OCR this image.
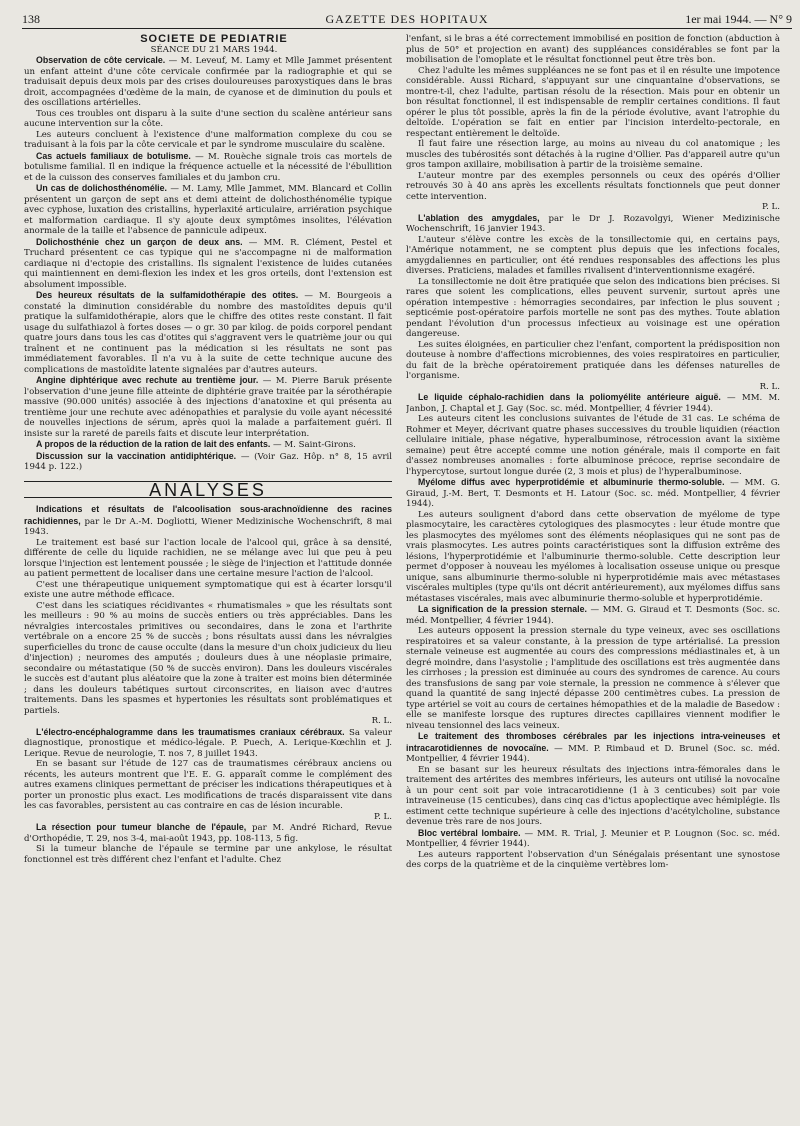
138	GAZETTE DES HOPITAUX	1er mai 1944. — N° 9

SOCIETE DE PEDIATRIE

SÉANCE DU 21 MARS 1944.

Observation de côte cervicale. — M. Leveuf, M. Lamy et Mlle Jammet présentent un enfant atteint d'une côte cervicale confirmée par la radiographie et qui se traduisait depuis deux mois par des crises douloureuses paroxystiques dans le bras droit, accompagnées d'œdème de la main, de cyanose et de diminution du pouls et des oscillations artérielles.

Tous ces troubles ont disparu à la suite d'une section du scalène antérieur sans aucune intervention sur la côte.

Les auteurs concluent à l'existence d'une malformation complexe du cou se traduisant à la fois par la côte cervicale et par le syndrome musculaire du scalène.

Cas actuels familiaux de botulisme. — M. Rouèche signale trois cas mortels de botulisme familial. Il en indique la fréquence actuelle et la nécessité de l'ébullition et de la cuisson des conserves familiales et du jambon cru.

Un cas de dolichosthénomélie. — M. Lamy, Mlle Jammet, MM. Blancard et Collin présentent un garçon de sept ans et demi atteint de dolichosthénomélie typique avec cyphose, luxation des cristallins, hyperlaxité articulaire, arriération psychique et malformation cardiaque. Il s'y ajoute deux symptômes insolites, l'élévation anormale de la taille et l'absence de pannicule adipeux.

Dolichosthénie chez un garçon de deux ans. — MM. R. Clément, Pestel et Truchard présentent ce cas typique qui ne s'accompagne ni de malformation cardiaque ni d'ectopie des cristallins. Ils signalent l'existence de luides cutanées qui maintiennent en demi-flexion les index et les gros orteils, dont l'extension est absolument impossible.

Des heureux résultats de la sulfamidothérapie des otites. — M. Bourgeois a constaté la diminution considérable du nombre des mastoïdites depuis qu'il pratique la sulfamidothérapie, alors que le chiffre des otites reste constant. Il fait usage du sulfathiazol à fortes doses — o gr. 30 par kilog. de poids corporel pendant quatre jours dans tous les cas d'otites qui s'aggravent vers le quatrième jour ou qui traînent et ne continuent pas la médication si les résultats ne sont pas immédiatement favorables. Il n'a vu à la suite de cette technique aucune des complications de mastoïdite latente signalées par d'autres auteurs.

Angine diphtérique avec rechute au trentième jour. — M. Pierre Baruk présente l'observation d'une jeune fille atteinte de diphtérie grave traitée par la sérothérapie massive (90.000 unités) associée à des injections d'anatoxine et qui présenta au trentième jour une rechute avec adénopathies et paralysie du voile ayant nécessité de nouvelles injections de sérum, après quoi la malade a parfaitement guéri. Il insiste sur la rareté de pareils faits et discute leur interprétation.

A propos de la réduction de la ration de lait des enfants. — M. Saint-Girons.

Discussion sur la vaccination antidiphtérique. — (Voir Gaz. Hôp. n° 8, 15 avril 1944 p. 122.)

ANALYSES

Indications et résultats de l'alcoolisation sous-arachnoïdienne des racines rachidiennes, par le Dr A.-M. Dogliotti, Wiener Medizinische Wochenschrift, 8 mai 1943.

Le traitement est basé sur l'action locale de l'alcool qui, grâce à sa densité, différente de celle du liquide rachidien, ne se mélange avec lui que peu à peu lorsque l'injection est lentement poussée ; le siège de l'injection et l'attitude donnée au patient permettent de localiser dans une certaine mesure l'action de l'alcool.

C'est une thérapeutique uniquement symptomatique qui est à écarter lorsqu'il existe une autre méthode efficace.

C'est dans les sciatiques récidivantes « rhumatismales » que les résultats sont les meilleurs : 90 % au moins de succès entiers ou très appréciables. Dans les névralgies intercostales primitives ou secondaires, dans le zona et l'arthrite vertébrale on a encore 25 % de succès ; bons résultats aussi dans les névralgies superficielles du tronc de cause occulte (dans la mesure d'un choix judicieux du lieu d'injection) ; neuromes des amputés ; douleurs dues à une néoplasie primaire, secondaire ou métastatique (50 % de succès environ). Dans les douleurs viscérales le succès est d'autant plus aléatoire que la zone à traiter est moins bien déterminée ; dans les douleurs tabétiques surtout circonscrites, en liaison avec d'autres traitements. Dans les spasmes et hypertonies les résultats sont problématiques et partiels.

R. L.

L'électro-encéphalogramme dans les traumatismes craniaux cérébraux. Sa valeur diagnostique, pronostique et médico-légale. P. Puech, A. Lerique-Kœchlin et J. Lerique. Revue de neurologie, T. nos 7, 8 juillet 1943.

En se basant sur l'étude de 127 cas de traumatismes cérébraux anciens ou récents, les auteurs montrent que l'E. E. G. apparaît comme le complément des autres examens cliniques permettant de préciser les indications thérapeutiques et à porter un pronostic plus exact. Les modifications de tracés disparaissent vite dans les cas favorables, persistent au cas contraire en cas de lésion incurable.

P. L.

La résection pour tumeur blanche de l'épaule, par M. André Richard, Revue d'Orthopédie, T. 29, nos 3-4, mai-août 1943, pp. 108-113, 5 fig.

Si la tumeur blanche de l'épaule se termine par une ankylose, le résultat fonctionnel est très différent chez l'enfant et l'adulte. Chez

l'enfant, si le bras a été correctement immobilisé en position de fonction (abduction à plus de 50° et projection en avant) des suppléances considérables se font par la mobilisation de l'omoplate et le résultat fonctionnel peut être très bon.

Chez l'adulte les mêmes suppléances ne se font pas et il en résulte une impotence considérable. Aussi Richard, s'appuyant sur une cinquantaine d'observations, se montre-t-il, chez l'adulte, partisan résolu de la résection. Mais pour en obtenir un bon résultat fonctionnel, il est indispensable de remplir certaines conditions. Il faut opérer le plus tôt possible, après la fin de la période évolutive, avant l'atrophie du deltoïde. L'opération se fait en entier par l'incision interdelto-pectorale, en respectant entièrement le deltoïde.

Il faut faire une résection large, au moins au niveau du col anatomique ; les muscles des tubérosités sont détachés à la rugine d'Ollier. Pas d'appareil autre qu'un gros tampon axillaire, mobilisation à partir de la troisième semaine.

L'auteur montre par des exemples personnels ou ceux des opérés d'Ollier retrouvés 30 à 40 ans après les excellents résultats fonctionnels que peut donner cette intervention.

P. L.

L'ablation des amygdales, par le Dr J. Rozavolgyi, Wiener Medizinische Wochenschrift, 16 janvier 1943.

L'auteur s'élève contre les excès de la tonsillectomie qui, en certains pays, l'Amérique notamment, ne se comptent plus depuis que les infections focales, amygdaliennes en particulier, ont été rendues responsables des affections les plus diverses. Praticiens, malades et familles rivalisent d'interventionnisme exagéré.

La tonsillectomie ne doit être pratiquée que selon des indications bien précises. Si rares que soient les complications, elles peuvent survenir, surtout après une opération intempestive : hémorragies secondaires, par infection le plus souvent ; septicémie post-opératoire parfois mortelle ne sont pas des mythes. Toute ablation pendant l'évolution d'un processus infectieux au voisinage est une opération dangereuse.

Les suites éloignées, en particulier chez l'enfant, comportent la prédisposition non douteuse à nombre d'affections microbiennes, des voies respiratoires en particulier, du fait de la brèche opératoirement pratiquée dans les défenses naturelles de l'organisme.

R. L.

Le liquide céphalo-rachidien dans la poliomyélite antérieure aiguë. — MM. M. Janbon, J. Chaptal et J. Gay (Soc. sc. méd. Montpellier, 4 février 1944).

Les auteurs citent les conclusions suivantes de l'étude de 31 cas. Le schéma de Rohmer et Meyer, décrivant quatre phases successives du trouble liquidien (réaction cellulaire initiale, phase négative, hyperalbuminose, rétrocession avant la sixième semaine) peut être accepté comme une notion générale, mais il comporte en fait d'assez nombreuses anomalies : forte albuminose précoce, reprise secondaire de l'hypercytose, surtout longue durée (2, 3 mois et plus) de l'hyperalbuminose.

Myélome diffus avec hyperprotidémie et albuminurie thermo-soluble. — MM. G. Giraud, J.-M. Bert, T. Desmonts et H. Latour (Soc. sc. méd. Montpellier, 4 février 1944).

Les auteurs soulignent d'abord dans cette observation de myélome de type plasmocytaire, les caractères cytologiques des plasmocytes : leur étude montre que les plasmocytes des myélomes sont des éléments néoplasiques qui ne sont pas de vrais plasmocytes. Les autres points caractéristiques sont la diffusion extrême des lésions, l'hyperprotidémie et l'albuminurie thermo-soluble. Cette description leur permet d'opposer à nouveau les myélomes à localisation osseuse unique ou presque unique, sans albuminurie thermo-soluble ni hyperprotidémie mais avec métastases viscérales multiples (type qu'ils ont décrit antérieurement), aux myélomes diffus sans métastases viscérales, mais avec albuminurie thermo-soluble et hyperprotidémie.

La signification de la pression sternale. — MM. G. Giraud et T. Desmonts (Soc. sc. méd. Montpellier, 4 février 1944).

Les auteurs opposent la pression sternale du type veineux, avec ses oscillations respiratoires et sa valeur constante, à la pression de type artérialisé. La pression sternale veineuse est augmentée au cours des compressions médiastinales et, à un degré moindre, dans l'asystolie ; l'amplitude des oscillations est très augmentée dans les cirrhoses ; la pression est diminuée au cours des syndromes de carence. Au cours des transfusions de sang par voie sternale, la pression ne commence à s'élever que quand la quantité de sang injecté dépasse 200 centimètres cubes. La pression de type artériel se voit au cours de certaines hémopathies et de la maladie de Basedow : elle se manifeste lorsque des ruptures directes capillaires viennent modifier le niveau tensionnel des lacs veineux.

Le traitement des thromboses cérébrales par les injections intra-veineuses et intracarotidiennes de novocaïne. — MM. P. Rimbaud et D. Brunel (Soc. sc. méd. Montpellier, 4 février 1944).

En se basant sur les heureux résultats des injections intra-fémorales dans le traitement des artérites des membres inférieurs, les auteurs ont utilisé la novocaïne à un pour cent soit par voie intracarotidienne (1 à 3 centicubes) soit par voie intraveineuse (15 centicubes), dans cinq cas d'ictus apoplectique avec hémiplégie. Ils estiment cette technique supérieure à celle des injections d'acétylcholine, substance devenue très rare de nos jours.

Bloc vertébral lombaire. — MM. R. Trial, J. Meunier et P. Lougnon (Soc. sc. méd. Montpellier, 4 février 1944).

Les auteurs rapportent l'observation d'un Sénégalais présentant une synostose des corps de la quatrième et de la cinquième vertèbres lom-
